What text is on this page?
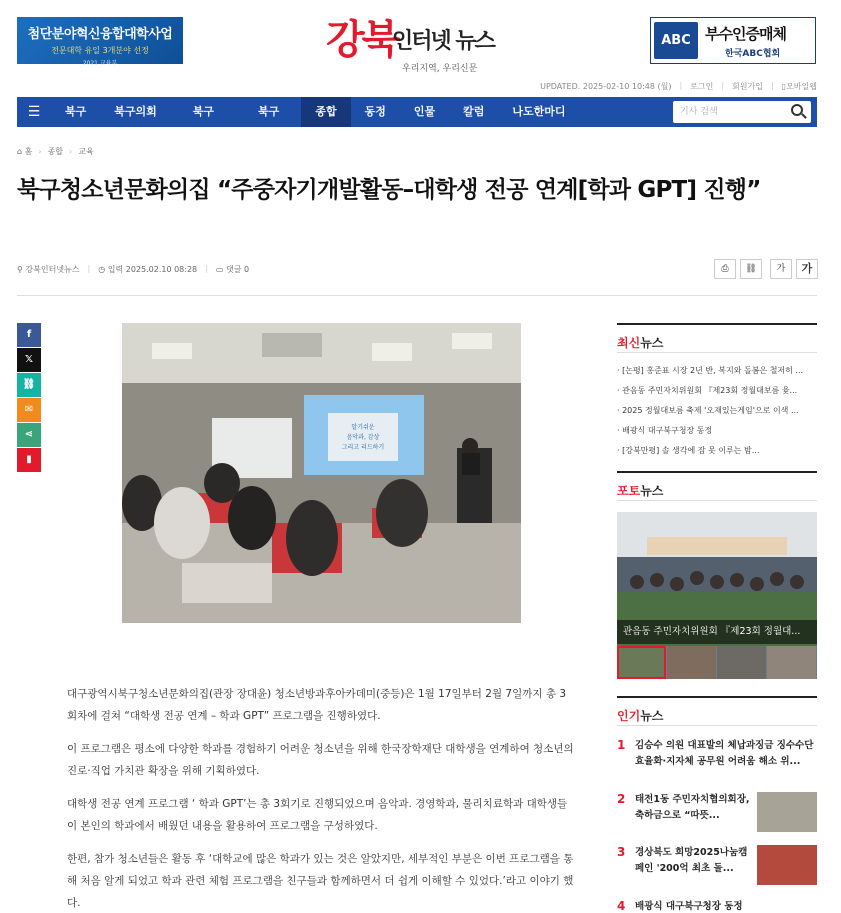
첨단분야혁신융합대학사업
전문대학 유일 3개분야 선정
2021 교육부
강북
인터넷 뉴스
우리지역, 우리신문
ABC 부수인증매체
한국ABC협회
UPDATED. 2025-02-10 10:48 (월) | 로그인 | 회원가입 | ▯모바일웹
☰	북구	북구의회	북구	북구	종합	동정	인물	칼럼	나도한마디	기사 검색
⌂ 홈 › 종합 › 교육
북구청소년문화의집 “주중자기개발활동–대학생 전공 연계[학과 GPT] 진행”
⚲ 강북인터넷뉴스 | ◷ 입력 2025.02.10 08:28 | ▭ 댓글 0	⎙	⛓	가	가
f
𝕏
⛓
✉
⋖
▮
알기쉬운
음악과, 감상
그리고 리드하기

대구광역시북구청소년문화의집(관장 장대윤) 청소년방과후아카데미(중등)은 1월 17일부터 2월 7일까지 총 3회차에 걸쳐 “대학생 전공 연계 – 학과 GPT” 프로그램을 진행하였다.

이 프로그램은 평소에 다양한 학과를 경험하기 어려운 청소년을 위해 한국장학재단 대학생을 연계하여 청소년의 진로·직업 가치관 확장을 위해 기획하였다.

대학생 전공 연계 프로그램 ‘ 학과 GPT’는 총 3회기로 진행되었으며 음악과. 경영학과, 물리치료학과 대학생들이 본인의 학과에서 배웠던 내용을 활용하여 프로그램을 구성하였다.

한편, 참가 청소년들은 활동 후 ‘대학교에 많은 학과가 있는 것은 알았지만, 세부적인 부분은 이번 프로그램을 통해 처음 알게 되었고 학과 관련 체험 프로그램을 친구들과 함께하면서 더 쉽게 이해할 수 있었다.’라고 이야기 했다.

최신뉴스
· [논평] 홍준표 시장 2년 반, 복지와 돌봄은 철저히 ...
· 관음동 주민자치위원회 『제23회 정월대보름 윷...
· 2025 정월대보름 축제 '오재있는게임'으로 이색 ...
· 배광식 대구북구청장 동정
· [강북만평] 솔 생각에 잠 못 이루는 밤...
포토뉴스
관음동 주민자치위원회 『제23회 정월대...
인기뉴스
1	김승수 의원 대표발의 체납과징금 징수수단 효율화·지자체 공무원 어려움 해소 위...
2	태전1동 주민자치협의회장, 축하금으로 “따뜻...
3	경상북도 희망2025나눔캠페인 '200억 최초 돌...
4	배광식 대구북구청장 동정
